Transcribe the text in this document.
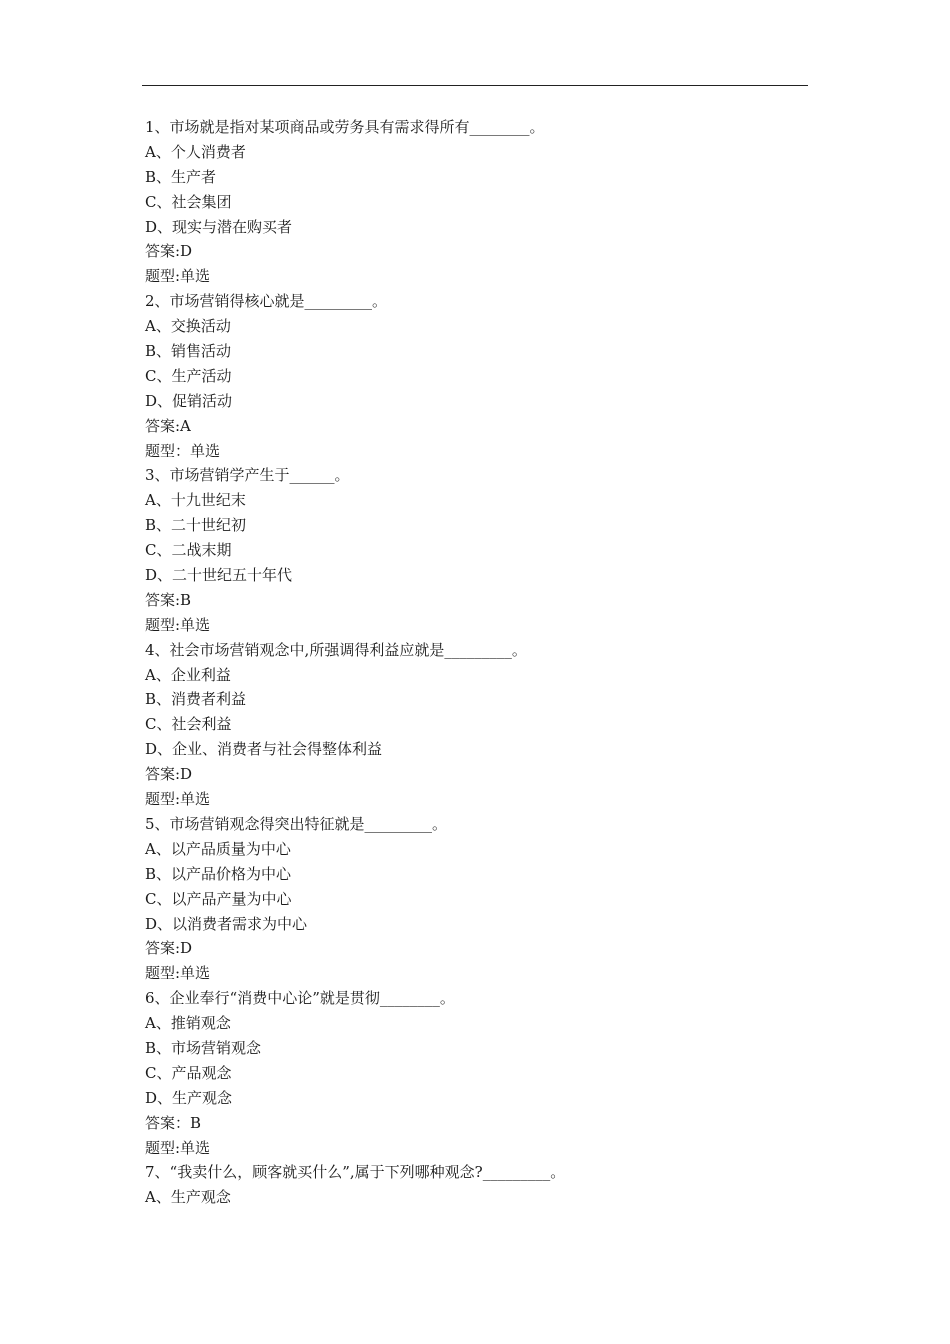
1、市场就是指对某项商品或劳务具有需求得所有________。
A、个人消费者
B、生产者
C、社会集团
D、现实与潜在购买者
答案:D
题型:单选
2、市场营销得核心就是_________。
A、交换活动
B、销售活动
C、生产活动
D、促销活动
答案:A
题型：单选
3、市场营销学产生于______。
A、十九世纪末
B、二十世纪初
C、二战末期
D、二十世纪五十年代
答案:B
题型:单选
4、社会市场营销观念中,所强调得利益应就是_________。
A、企业利益
B、消费者利益
C、社会利益
D、企业、消费者与社会得整体利益
答案:D
题型:单选
5、市场营销观念得突出特征就是_________。
A、以产品质量为中心
B、以产品价格为中心
C、以产品产量为中心
D、以消费者需求为中心
答案:D
题型:单选
6、企业奉行“消费中心论”就是贯彻________。
A、推销观念
B、市场营销观念
C、产品观念
D、生产观念
答案：B
题型:单选
7、“我卖什么，顾客就买什么”,属于下列哪种观念?_________。
A、生产观念
